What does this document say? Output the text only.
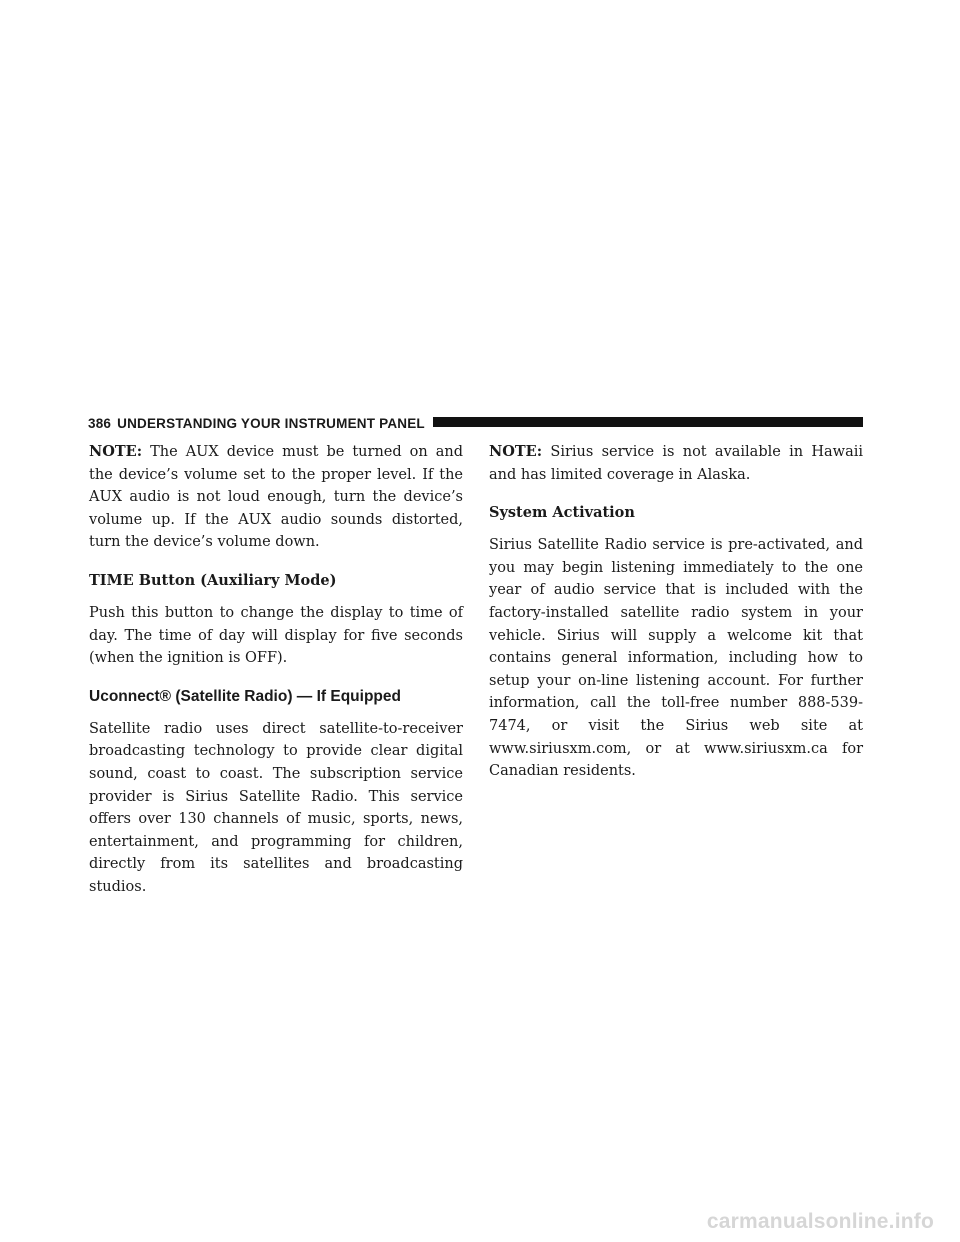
386 UNDERSTANDING YOUR INSTRUMENT PANEL

NOTE: The AUX device must be turned on and the device’s volume set to the proper level. If the AUX audio is not loud enough, turn the device’s volume up. If the AUX audio sounds distorted, turn the device’s volume down.

TIME Button (Auxiliary Mode)

Push this button to change the display to time of day. The time of day will display for five seconds (when the ignition is OFF).

Uconnect® (Satellite Radio) — If Equipped

Satellite radio uses direct satellite-to-receiver broadcasting technology to provide clear digital sound, coast to coast. The subscription service provider is Sirius Satellite Radio. This service offers over 130 channels of music, sports, news, entertainment, and programming for children, directly from its satellites and broadcasting studios.

NOTE: Sirius service is not available in Hawaii and has limited coverage in Alaska.

System Activation

Sirius Satellite Radio service is pre-activated, and you may begin listening immediately to the one year of audio service that is included with the factory-installed satellite radio system in your vehicle. Sirius will supply a welcome kit that contains general information, including how to setup your on-line listening account. For further information, call the toll-free number 888-539-7474, or visit the Sirius web site at www.siriusxm.com, or at www.siriusxm.ca for Canadian residents.

carmanualsonline.info
